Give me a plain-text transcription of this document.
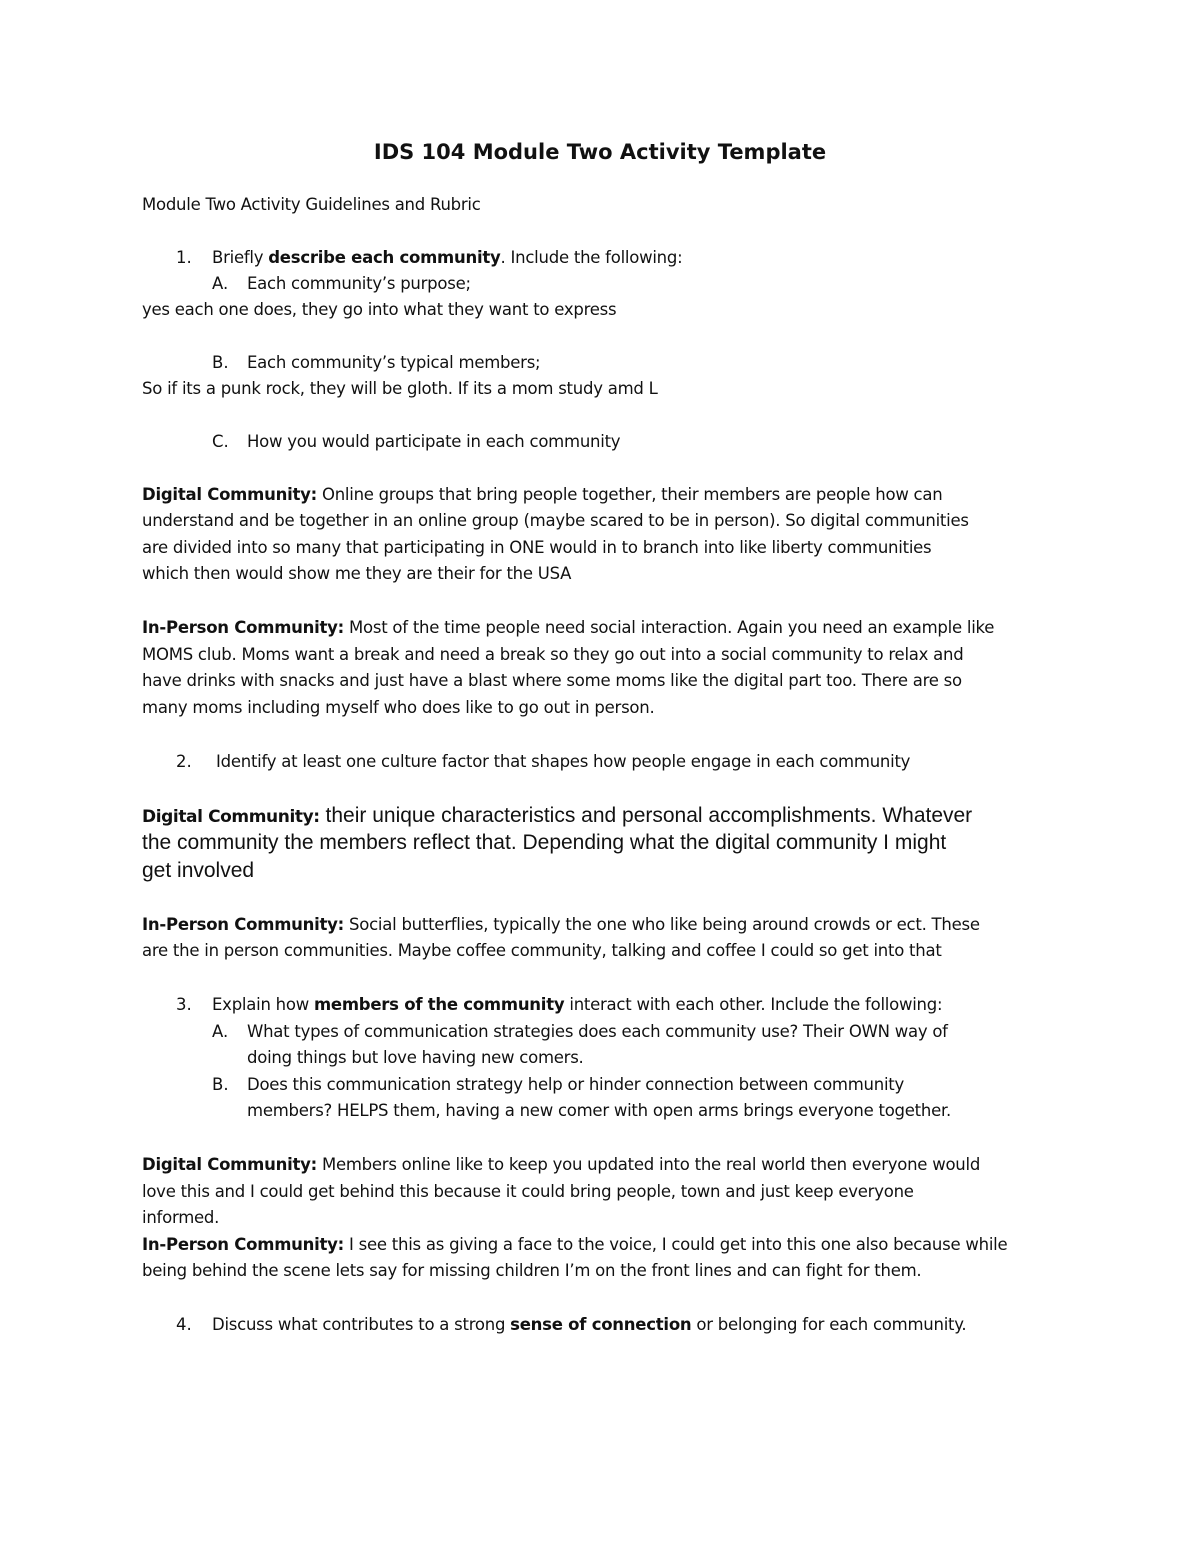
IDS 104 Module Two Activity Template
Module Two Activity Guidelines and Rubric
1. Briefly describe each community. Include the following:
A. Each community’s purpose;
yes each one does, they go into what they want to express
B. Each community’s typical members;
So if its a punk rock, they will be gloth. If its a mom study amd L
C. How you would participate in each community
Digital Community: Online groups that bring people together, their members are people how can
understand and be together in an online group (maybe scared to be in person). So digital communities
are divided into so many that participating in ONE would in to branch into like liberty communities
which then would show me they are their for the USA
In-Person Community: Most of the time people need social interaction. Again you need an example like
MOMS club. Moms want a break and need a break so they go out into a social community to relax and
have drinks with snacks and just have a blast where some moms like the digital part too. There are so
many moms including myself who does like to go out in person.
2. Identify at least one culture factor that shapes how people engage in each community
Digital Community: their unique characteristics and personal accomplishments. Whatever
the community the members reflect that. Depending what the digital community I might
get involved
In-Person Community: Social butterflies, typically the one who like being around crowds or ect. These
are the in person communities. Maybe coffee community, talking and coffee I could so get into that
3. Explain how members of the community interact with each other. Include the following:
A. What types of communication strategies does each community use? Their OWN way of
doing things but love having new comers.
B. Does this communication strategy help or hinder connection between community
members? HELPS them, having a new comer with open arms brings everyone together.
Digital Community: Members online like to keep you updated into the real world then everyone would
love this and I could get behind this because it could bring people, town and just keep everyone
informed.
In-Person Community: I see this as giving a face to the voice, I could get into this one also because while
being behind the scene lets say for missing children I’m on the front lines and can fight for them.
4. Discuss what contributes to a strong sense of connection or belonging for each community.
